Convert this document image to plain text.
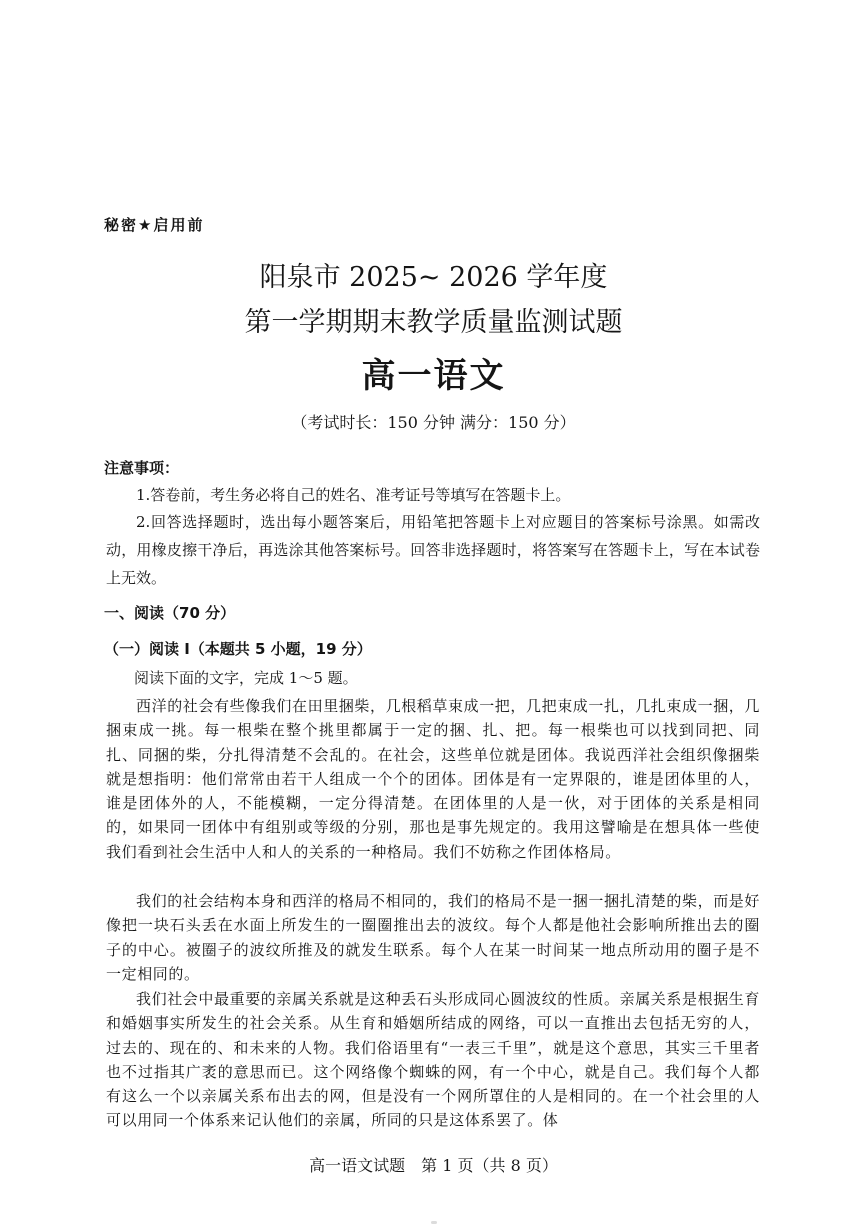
秘密★启用前
阳泉市 2025~ 2026 学年度
第一学期期末教学质量监测试题
高一语文
（考试时长：150 分钟 满分：150 分）
注意事项：
1.答卷前，考生务必将自己的姓名、准考证号等填写在答题卡上。
2.回答选择题时，选出每小题答案后，用铅笔把答题卡上对应题目的答案标号涂黑。如需改动，用橡皮擦干净后，再选涂其他答案标号。回答非选择题时，将答案写在答题卡上，写在本试卷上无效。
一、阅读（70 分）
（一）阅读 I（本题共 5 小题，19 分）
阅读下面的文字，完成 1～5 题。
西洋的社会有些像我们在田里捆柴，几根稻草束成一把，几把束成一扎，几扎束成一捆，几捆束成一挑。每一根柴在整个挑里都属于一定的捆、扎、把。每一根柴也可以找到同把、同扎、同捆的柴，分扎得清楚不会乱的。在社会，这些单位就是团体。我说西洋社会组织像捆柴就是想指明：他们常常由若干人组成一个个的团体。团体是有一定界限的，谁是团体里的人，谁是团体外的人，不能模糊，一定分得清楚。在团体里的人是一伙，对于团体的关系是相同的，如果同一团体中有组别或等级的分别，那也是事先规定的。我用这譬喻是在想具体一些使我们看到社会生活中人和人的关系的一种格局。我们不妨称之作团体格局。
我们的社会结构本身和西洋的格局不相同的，我们的格局不是一捆一捆扎清楚的柴，而是好像把一块石头丢在水面上所发生的一圈圈推出去的波纹。每个人都是他社会影响所推出去的圈子的中心。被圈子的波纹所推及的就发生联系。每个人在某一时间某一地点所动用的圈子是不一定相同的。
我们社会中最重要的亲属关系就是这种丢石头形成同心圆波纹的性质。亲属关系是根据生育和婚姻事实所发生的社会关系。从生育和婚姻所结成的网络，可以一直推出去包括无穷的人，过去的、现在的、和未来的人物。我们俗语里有“一表三千里”，就是这个意思，其实三千里者也不过指其广袤的意思而已。这个网络像个蜘蛛的网，有一个中心，就是自己。我们每个人都有这么一个以亲属关系布出去的网，但是没有一个网所罩住的人是相同的。在一个社会里的人可以用同一个体系来记认他们的亲属，所同的只是这体系罢了。体
高一语文试题　第 1 页（共 8 页）
